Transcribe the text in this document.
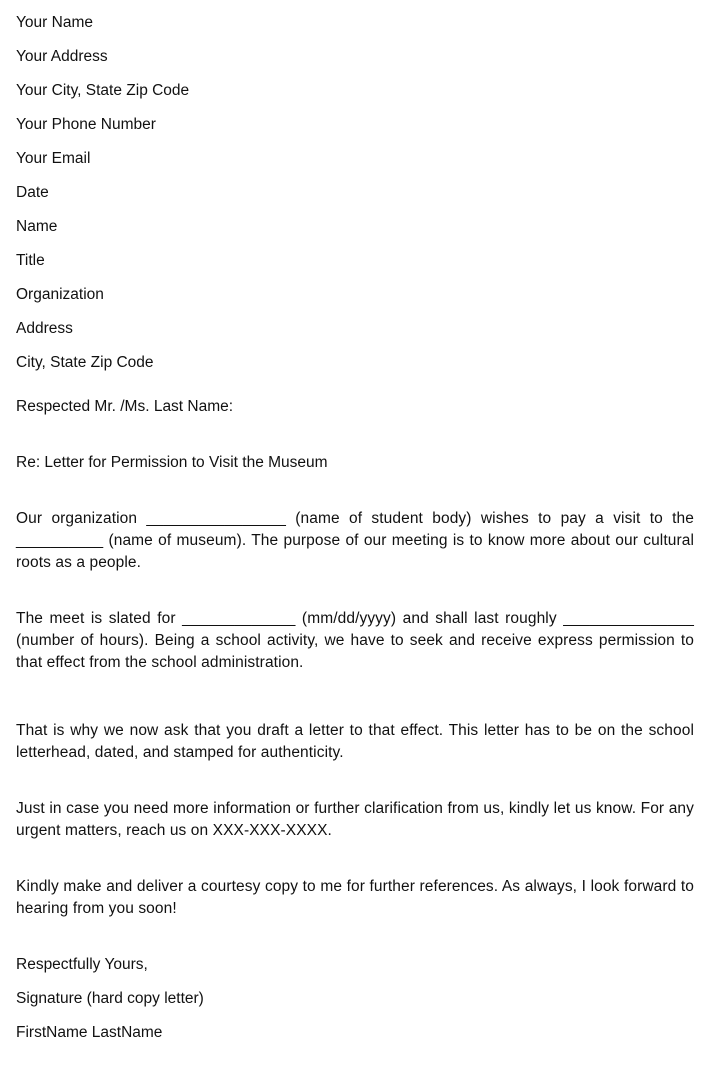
Your Name

Your Address

Your City, State Zip Code

Your Phone Number

Your Email

Date

Name

Title

Organization

Address

City, State Zip Code

Respected Mr. /Ms. Last Name:

Re: Letter for Permission to Visit the Museum

Our organization ________________ (name of student body) wishes to pay a visit to the __________ (name of museum). The purpose of our meeting is to know more about our cultural roots as a people.

The meet is slated for _____________ (mm/dd/yyyy) and shall last roughly _______________ (number of hours). Being a school activity, we have to seek and receive express permission to that effect from the school administration.

That is why we now ask that you draft a letter to that effect. This letter has to be on the school letterhead, dated, and stamped for authenticity.

Just in case you need more information or further clarification from us, kindly let us know. For any urgent matters, reach us on XXX-XXX-XXXX.

Kindly make and deliver a courtesy copy to me for further references. As always, I look forward to hearing from you soon!

Respectfully Yours,

Signature (hard copy letter)

FirstName LastName
